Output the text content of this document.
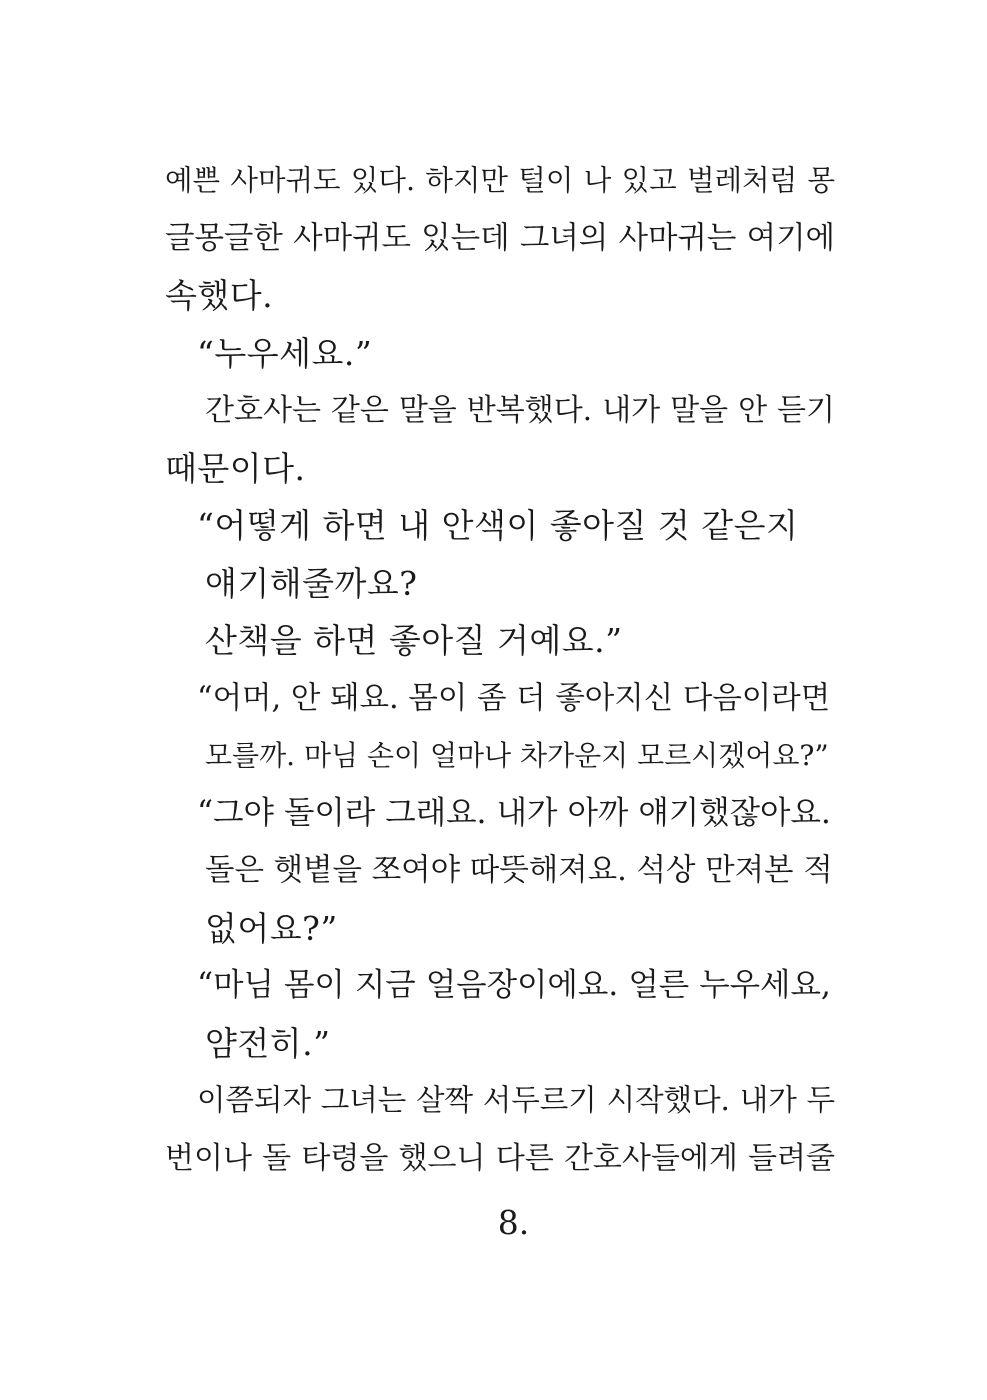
예쁜 사마귀도 있다. 하지만 털이 나 있고 벌레처럼 몽
글몽글한 사마귀도 있는데 그녀의 사마귀는 여기에
속했다.
“누우세요.”
간호사는 같은 말을 반복했다. 내가 말을 안 듣기
때문이다.
“어떻게 하면 내 안색이 좋아질 것 같은지
얘기해줄까요?
산책을 하면 좋아질 거예요.”
“어머, 안 돼요. 몸이 좀 더 좋아지신 다음이라면
모를까. 마님 손이 얼마나 차가운지 모르시겠어요?”
“그야 돌이라 그래요. 내가 아까 얘기했잖아요.
돌은 햇볕을 쪼여야 따뜻해져요. 석상 만져본 적
없어요?”
“마님 몸이 지금 얼음장이에요. 얼른 누우세요,
얌전히.”
이쯤되자 그녀는 살짝 서두르기 시작했다. 내가 두
번이나 돌 타령을 했으니 다른 간호사들에게 들려줄
8.
